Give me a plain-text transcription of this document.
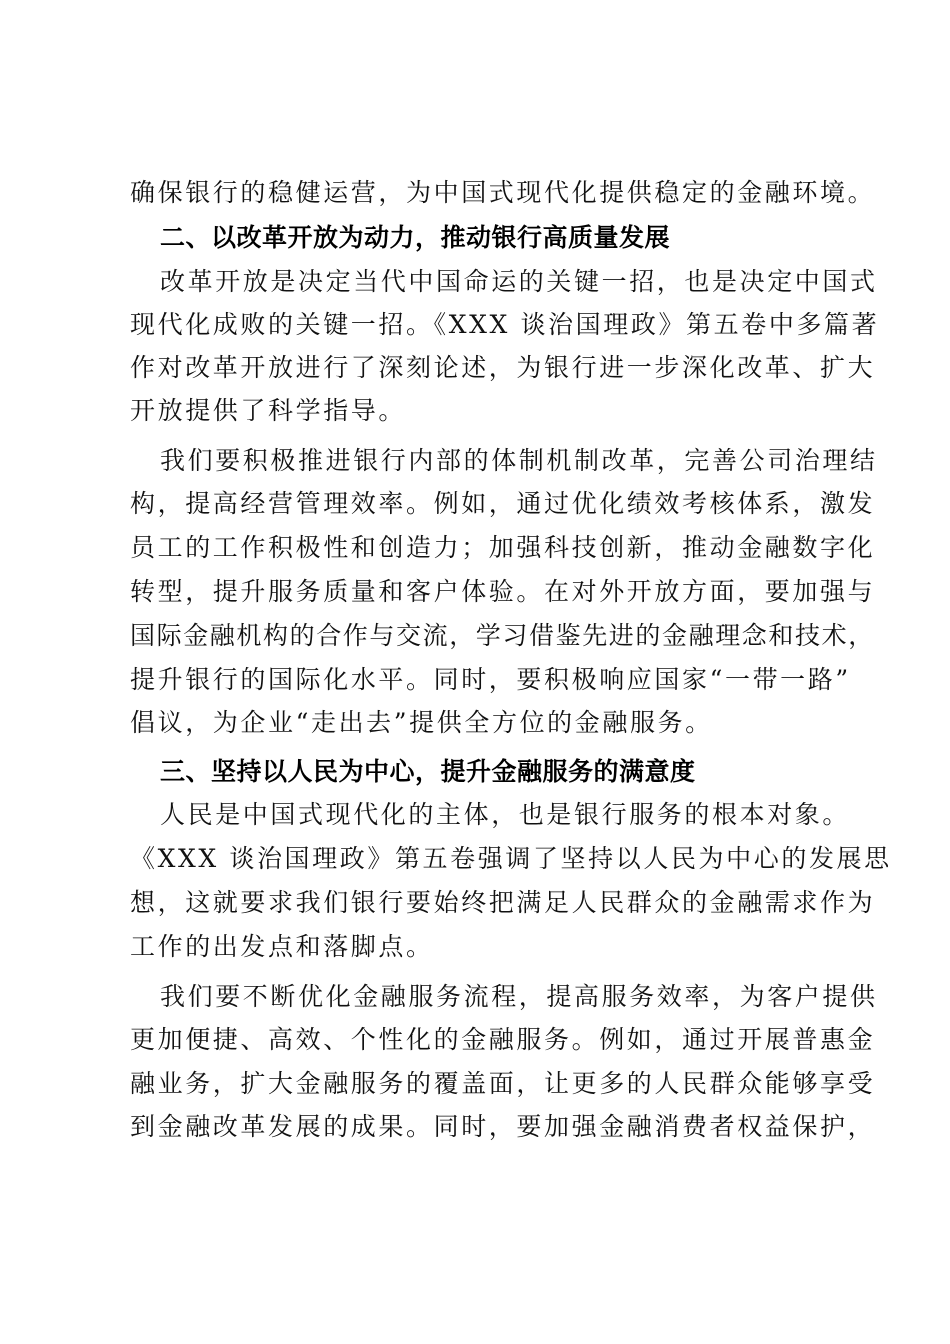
确保银行的稳健运营，为中国式现代化提供稳定的金融环境。
二、以改革开放为动力，推动银行高质量发展
改革开放是决定当代中国命运的关键一招，也是决定中国式
现代化成败的关键一招。《XXX 谈治国理政》第五卷中多篇著
作对改革开放进行了深刻论述，为银行进一步深化改革、扩大
开放提供了科学指导。
我们要积极推进银行内部的体制机制改革，完善公司治理结
构，提高经营管理效率。例如，通过优化绩效考核体系，激发
员工的工作积极性和创造力；加强科技创新，推动金融数字化
转型，提升服务质量和客户体验。在对外开放方面，要加强与
国际金融机构的合作与交流，学习借鉴先进的金融理念和技术，
提升银行的国际化水平。同时，要积极响应国家“一带一路”
倡议，为企业“走出去”提供全方位的金融服务。
三、坚持以人民为中心，提升金融服务的满意度
人民是中国式现代化的主体，也是银行服务的根本对象。
《XXX 谈治国理政》第五卷强调了坚持以人民为中心的发展思
想，这就要求我们银行要始终把满足人民群众的金融需求作为
工作的出发点和落脚点。
我们要不断优化金融服务流程，提高服务效率，为客户提供
更加便捷、高效、个性化的金融服务。例如，通过开展普惠金
融业务，扩大金融服务的覆盖面，让更多的人民群众能够享受
到金融改革发展的成果。同时，要加强金融消费者权益保护，
